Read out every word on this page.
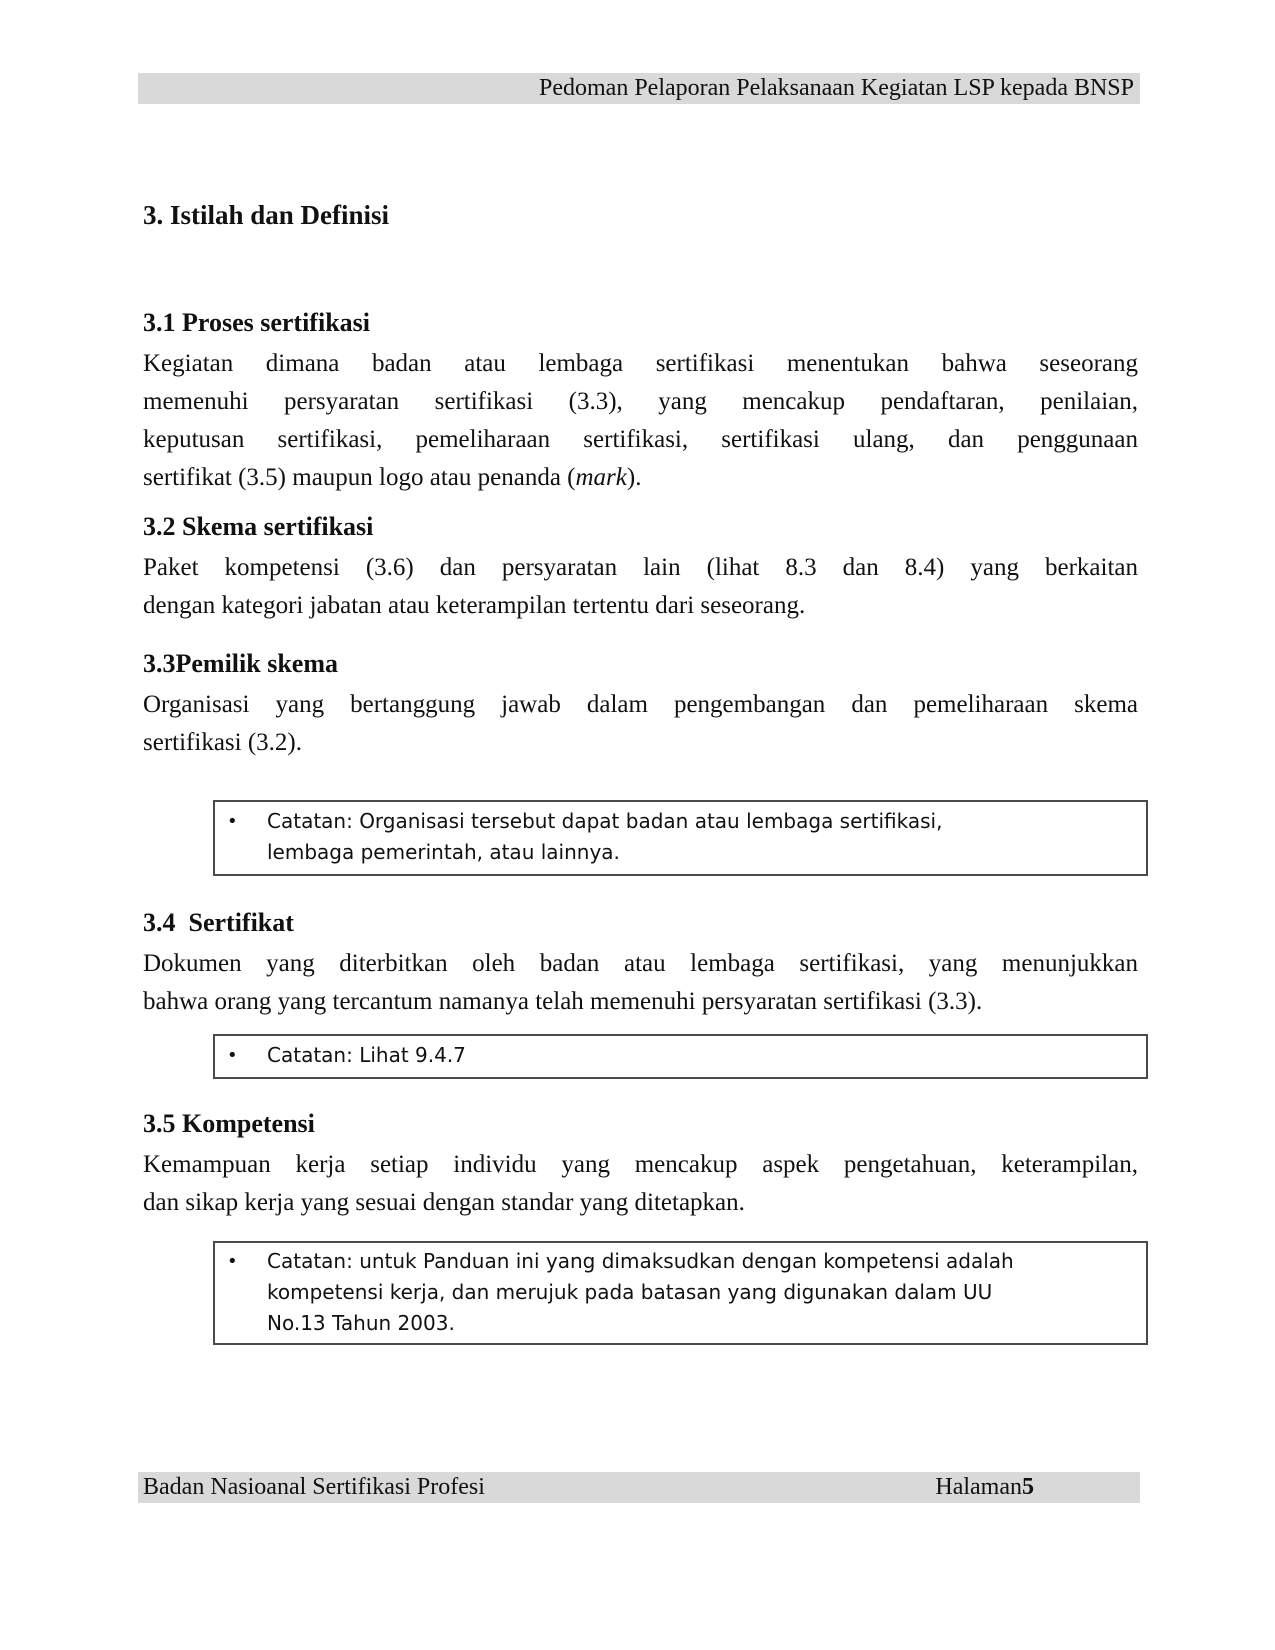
Pedoman Pelaporan Pelaksanaan Kegiatan LSP kepada BNSP
3. Istilah dan Definisi
3.1 Proses sertifikasi
Kegiatan dimana badan atau lembaga sertifikasi menentukan bahwa seseorang
memenuhi persyaratan sertifikasi (3.3), yang mencakup pendaftaran, penilaian,
keputusan sertifikasi, pemeliharaan sertifikasi, sertifikasi ulang, dan penggunaan
sertifikat (3.5) maupun logo atau penanda (mark).
3.2 Skema sertifikasi
Paket kompetensi (3.6) dan persyaratan lain (lihat 8.3 dan 8.4) yang berkaitan
dengan kategori jabatan atau keterampilan tertentu dari seseorang.
3.3Pemilik skema
Organisasi yang bertanggung jawab dalam pengembangan dan pemeliharaan skema
sertifikasi (3.2).
•	Catatan: Organisasi tersebut dapat badan atau lembaga sertifikasi,
lembaga pemerintah, atau lainnya.
3.4  Sertifikat
Dokumen yang diterbitkan oleh badan atau lembaga sertifikasi, yang menunjukkan
bahwa orang yang tercantum namanya telah memenuhi persyaratan sertifikasi (3.3).
•	Catatan: Lihat 9.4.7
3.5 Kompetensi
Kemampuan kerja setiap individu yang mencakup aspek pengetahuan, keterampilan,
dan sikap kerja yang sesuai dengan standar yang ditetapkan.
•	Catatan: untuk Panduan ini yang dimaksudkan dengan kompetensi adalah
kompetensi kerja, dan merujuk pada batasan yang digunakan dalam UU
No.13 Tahun 2003.
Badan Nasioanal Sertifikasi Profesi	Halaman5
